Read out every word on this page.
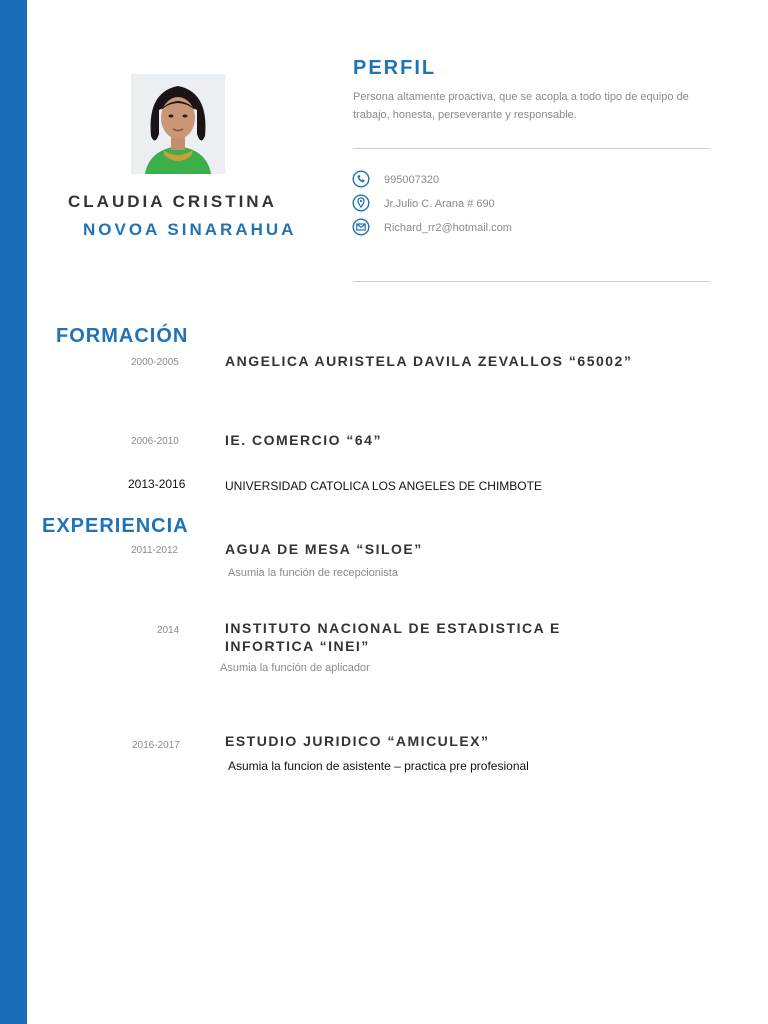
CLAUDIA CRISTINA
NOVOA SINARAHUA
PERFIL
Persona altamente proactiva, que se acopla a todo tipo de equipo de trabajo, honesta, perseverante y responsable.
995007320
Jr.Julio C. Arana # 690
Richard_rr2@hotmail.com
FORMACIÓN
2000-2005	ANGELICA AURISTELA DAVILA ZEVALLOS “65002”
2006-2010	IE. COMERCIO “64”
2013-2016	UNIVERSIDAD CATOLICA LOS ANGELES DE CHIMBOTE
EXPERIENCIA
2011-2012	AGUA DE MESA “SILOE”
Asumia la función de recepcionista
2014	INSTITUTO NACIONAL DE ESTADISTICA E INFORTICA “INEI”
Asumia la función de aplicador
2016-2017	ESTUDIO JURIDICO “AMICULEX”
Asumia la funcion de asistente – practica pre profesional
